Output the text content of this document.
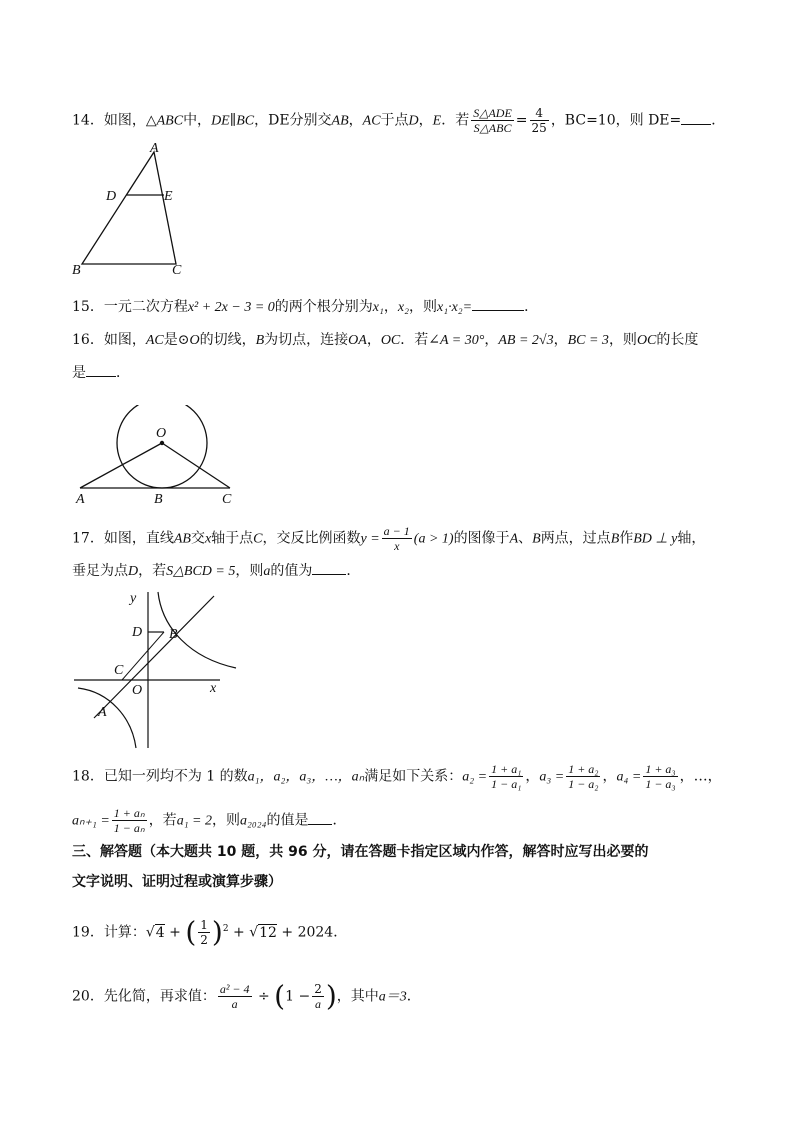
14．如图，△ABC中，DE∥BC，DE分别交AB，AC于点D，E．若 $\frac{\text{S△ADE}}{\text{S△ABC}} = \frac{4}{25}$ ，BC=10，则 DE= ．
A
D	E
B	C
15．一元二次方程x² + 2x − 3 = 0的两个根分别为x₁，x₂，则x₁·x₂=	．
16．如图，AC是⊙O的切线，B为切点，连接OA，OC．若∠A = 30°，AB = 2√3，BC = 3，则OC的长度
是 ．
O
A	B	C
17．如图，直线AB交x轴于点C，交反比例函数$y = \frac{a - 1}{x} (a > 1)$的图像于A、B两点，过点B作BD ⊥ y轴，
垂足为点D，若S△BCD = 5，则a的值为 ．
y
D B
C
O	x
A
18．已知一列均不为 1 的数a₁，a₂，a₃，…，aₙ满足如下关系：$a_2 = \frac{\text{1 + a₁}}{\text{1 − a₁}}$ ，$a_3 = \frac{\text{1 + a₂}}{\text{1 − a₂}}$ ，$a_4 = \frac{\text{1 + a₃}}{\text{1 − a₃}}$ ，…，
$a_{n+1} = \frac{\text{1 + aₙ}}{\text{1 − aₙ}}$ ，若a₁ = 2，则a₂₀₂₄的值是 ．
三、解答题（本大题共 10 题，共 96 分，请在答题卡指定区域内作答，解答时应写出必要的
文字说明、证明过程或演算步骤）
19．计算：√4 + ( $\frac{1}{2} )^2 + √12 + 2024$．
20．先化简，再求值： $\frac{\text{a² − 4}}{a} \div (1 - \frac{2}{a}$ )，其中a＝3．
